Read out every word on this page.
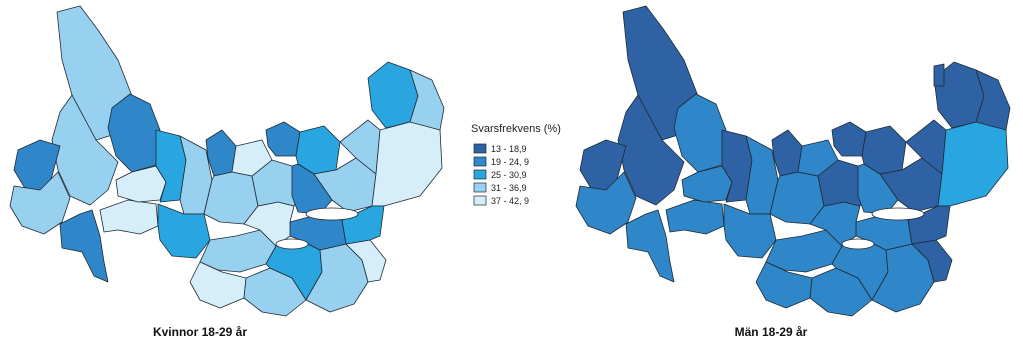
Kvinnor 18-29 år
Svarsfrekvens (%)
13 - 18,9
19 - 24, 9
25 - 30,9
31 - 36,9
37 - 42, 9
Män 18-29 år
